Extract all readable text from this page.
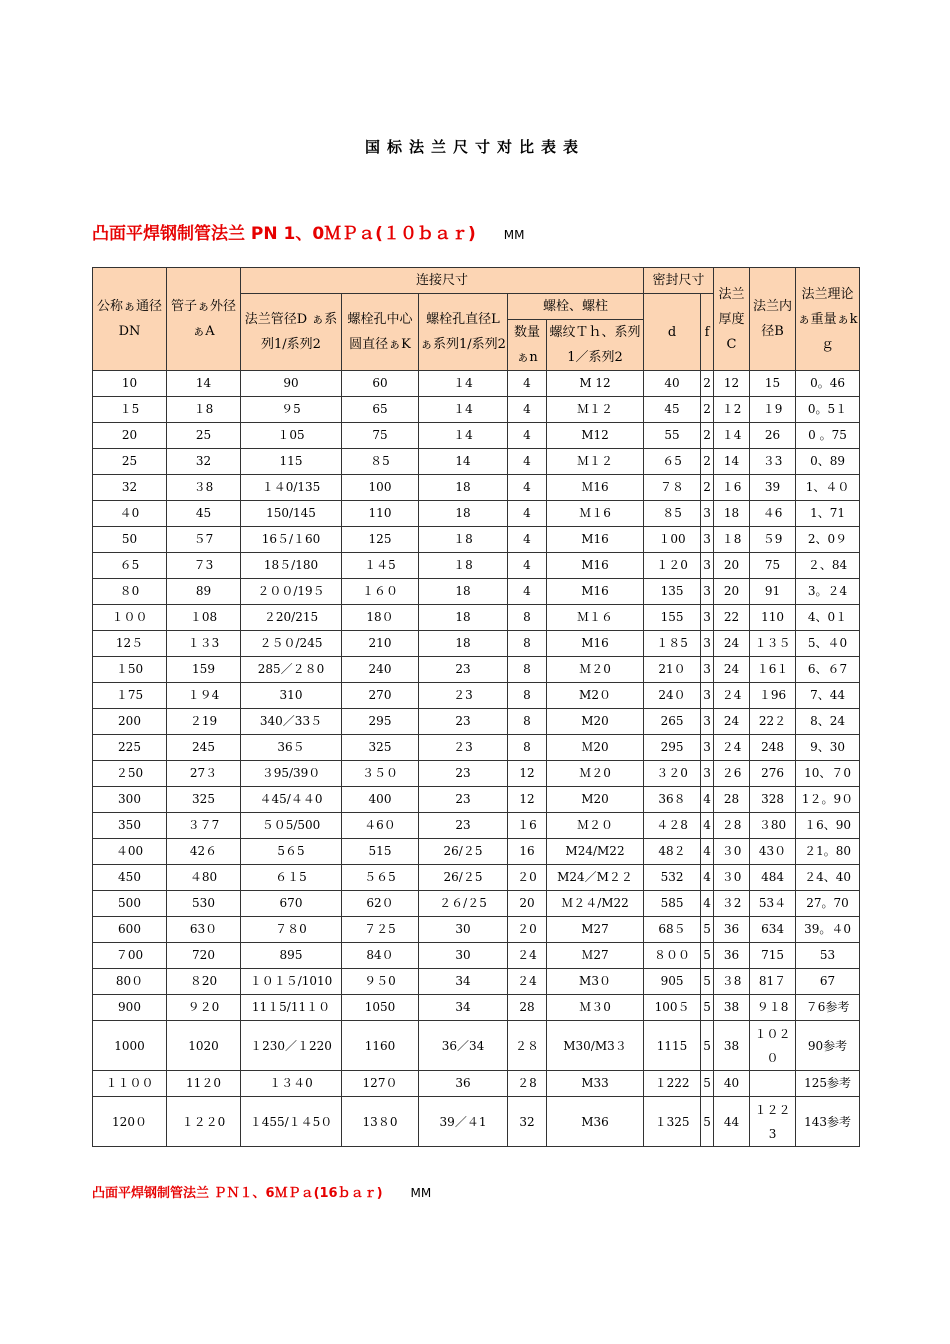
国标法兰尺寸对比表表
凸面平焊钢制管法兰 PN 1、0ＭＰａ(１０ｂａｒ) MM
公称ぁ通径DN	管子ぁ外径ぁA	连接尺寸					密封尺寸		法兰厚度C	法兰内径B	法兰理论ぁ重量ぁkｇ
		法兰管径D ぁ系列1/系列2	螺栓孔中心圆直径ぁK	螺栓孔直径Lぁ系列1/系列2	螺栓、螺柱		d	f			
					数量ぁn	螺纹Ｔｈ、系列1／系列2					
10	14	90	60	１4	4	M 12	40	2	12	15	0。46
１5	１8	９5	65	１4	4	Ｍ１２	45	2	１2	１9	0。5１
20	25	１05	75	１4	4	M12	55	2	１4	26	0 。75
25	32	115	８5	14	4	Ｍ１２	６5	2	14	３3	0、89
32	３8	１４0/135	100	18	4	Ｍ16	７８	2	１6	39	1、４０
４0	45	150/145	110	18	4	Ｍ１6	８5	3	18	４6	1、71
50	５7	16５/１60	125	１8	4	M16	１00	3	１8	５9	2、0９
６5	７3	18５/180	１４5	１8	4	M16	１２0	3	20	75	２、84
８0	89	２００/19５	１６０	18	4	M16	135	3	20	91	3。２4
１００	１08	２20/215	18０	18	8	Ｍ１６	155	3	22	110	4、0１
12５	１３3	２５０/245	210	18	8	M16	１８5	3	24	１３５	5、４0
１50	159	285／２８0	240	23	8	Ｍ２0	21０	3	24	１6１	6、６7
１75	１９4	310	270	２3	8	M2０	24０	3	２4	１96	7、44
200	２19	340／33５	295	23	8	M20	265	3	24	22２	8、24
225	245	36５	325	２3	8	Ｍ20	295	3	２4	248	9、30
２50	27３	３95/39０	３５０	23	12	Ｍ２0	３２0	3	２6	276	10、７0
300	325	４45/４４0	400	23	12	M20	36８	4	28	328	1２。9０
350	３７7	５０5/500	４6０	23	１6	Ｍ２０	４２8	4	２8	３80	１6、90
４00	42６	5６5	515	26/２5	16	M24/M22	48２	4	３0	43０	２1。80
450	４80	６１5	５６5	26/２5	２0	M24／M２２	532	4	３0	484	２4、40
500	530	670	62０	２６/２5	20	Ｍ２４/M22	585	4	３2	53４	27。70
600	63０	７８0	７２5	30	２0	M27	68５	5	36	634	39。４0
７00	720	895	84０	30	２4	Ｍ27	８００	5	36	715	53
80０	８20	１０１５/1010	９５0	34	２4	M3０	905	5	３8	81７	67
900	９２0	11１5/11１０	1050	34	28	Ｍ３0	100５	5	38	９１8	７6参考
1000	1020	１230／１220	1160	36／34	２８	M30/M3３	1115	5	38	１０２０	90参考
１１００	11２0	１３４0	127０	36	２8	M33	１222	5	40		125参考
120０	１２２0	１455/１４5０	13８0	39／４1	32	M36	１325	5	44	１２２3	143参考
凸面平焊钢制管法兰 ＰＮ１、6ＭＰａ(16ｂａｒ) MM
